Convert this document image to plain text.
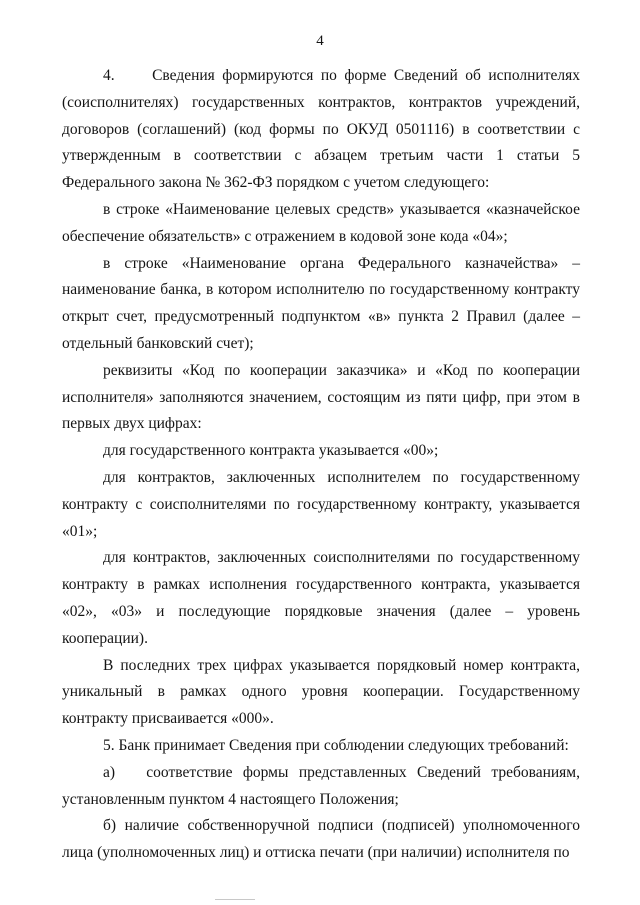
4

4.     Сведения формируются по форме Сведений об исполнителях (соисполнителях) государственных контрактов, контрактов учреждений, договоров (соглашений) (код формы по ОКУД 0501116) в соответствии с утвержденным в соответствии с абзацем третьим части 1 статьи 5 Федерального закона № 362-ФЗ порядком с учетом следующего:

в строке «Наименование целевых средств» указывается «казначейское обеспечение обязательств» с отражением в кодовой зоне кода «04»;

в строке «Наименование органа Федерального казначейства» – наименование банка, в котором исполнителю по государственному контракту открыт счет, предусмотренный подпунктом «в» пункта 2 Правил (далее – отдельный банковский счет);

реквизиты «Код по кооперации заказчика» и «Код по кооперации исполнителя» заполняются значением, состоящим из пяти цифр, при этом в первых двух цифрах:

для государственного контракта указывается «00»;

для контрактов, заключенных исполнителем по государственному контракту с соисполнителями по государственному контракту, указывается «01»;

для контрактов, заключенных соисполнителями по государственному контракту в рамках исполнения государственного контракта, указывается «02», «03» и последующие порядковые значения (далее – уровень кооперации).

В последних трех цифрах указывается порядковый номер контракта, уникальный в рамках одного уровня кооперации. Государственному контракту присваивается «000».

5. Банк принимает Сведения при соблюдении следующих требований:

а)   соответствие формы представленных Сведений требованиям, установленным пунктом 4 настоящего Положения;

б) наличие собственноручной подписи (подписей) уполномоченного лица (уполномоченных лиц) и оттиска печати (при наличии) исполнителя по
